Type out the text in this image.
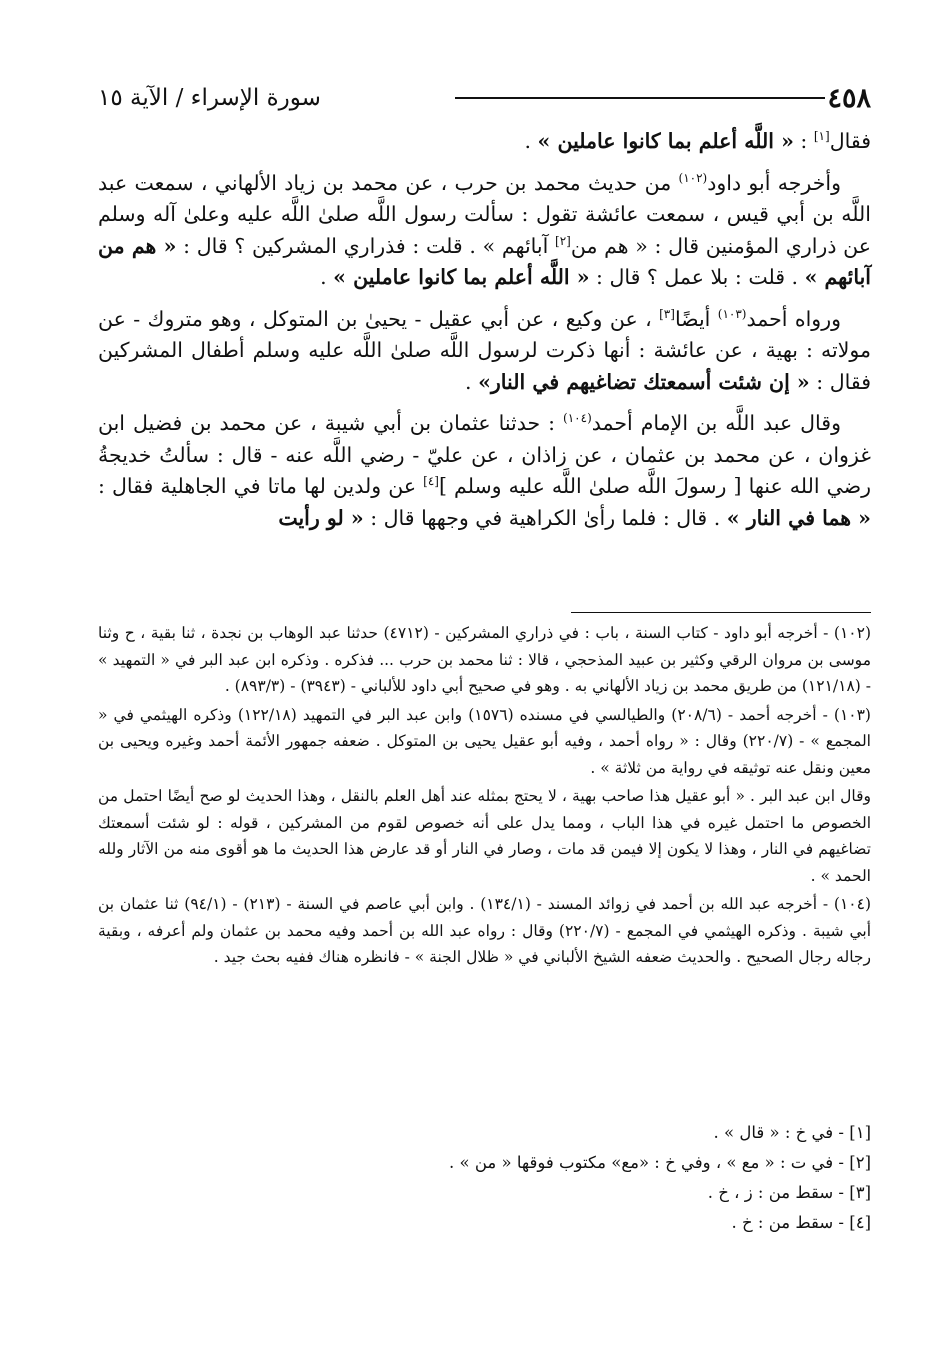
٤٥٨
سورة الإسراء / الآية ١٥

فقال[١] : « اللَّه أعلم بما كانوا عاملين » .

وأخرجه أبو داود$^{(١٠٢)}$ من حديث محمد بن حرب ، عن محمد بن زياد الألهاني ، سمعت عبد اللَّه بن أبي قيس ، سمعت عائشة تقول : سألت رسول اللَّه صلىٰ اللَّه عليه وعلىٰ آله وسلم عن ذراري المؤمنين قال : « هم من[٢] آبائهم » . قلت : فذراري المشركين ؟ قال : « هم من آبائهم » . قلت : بلا عمل ؟ قال : « اللَّه أعلم بما كانوا عاملين » .

ورواه أحمد$^{(١٠٣)}$ أيضًا[٣] ، عن وكيع ، عن أبي عقيل - يحيىٰ بن المتوكل ، وهو متروك - عن مولاته : بهية ، عن عائشة : أنها ذكرت لرسول اللَّه صلىٰ اللَّه عليه وسلم أطفال المشركين فقال : « إن شئت أسمعتك تضاغيهم في النار» .

وقال عبد اللَّه بن الإمام أحمد$^{(١٠٤)}$ : حدثنا عثمان بن أبي شيبة ، عن محمد بن فضيل ابن غزوان ، عن محمد بن عثمان ، عن زاذان ، عن عليّ - رضي اللَّه عنه - قال : سألتُ خديجةُ رضي الله عنها [ رسولَ اللَّه صلىٰ اللَّه عليه وسلم ][٤] عن ولدين لها ماتا في الجاهلية فقال : « هما في النار » . قال : فلما رأىٰ الكراهية في وجهها قال : « لو رأيت

(١٠٢) - أخرجه أبو داود - كتاب السنة ، باب : في ذراري المشركين - (٤٧١٢) حدثنا عبد الوهاب بن نجدة ، ثنا بقية ، ح وثنا موسى بن مروان الرقي وكثير بن عبيد المذحجي ، قالا : ثنا محمد بن حرب ... فذكره . وذكره ابن عبد البر في « التمهيد » - (١٢١/١٨) من طريق محمد بن زياد الألهاني به . وهو في صحيح أبي داود للألباني - (٣٩٤٣) - (٨٩٣/٣) .

(١٠٣) - أخرجه أحمد - (٢٠٨/٦) والطيالسي في مسنده (١٥٧٦) وابن عبد البر في التمهيد (١٢٢/١٨) وذكره الهيثمي في « المجمع » - (٢٢٠/٧) وقال : « رواه أحمد ، وفيه أبو عقيل يحيى بن المتوكل . ضعفه جمهور الأئمة أحمد وغيره ويحيى بن معين ونقل عنه توثيقه في رواية من ثلاثة » .

وقال ابن عبد البر . « أبو عقيل هذا صاحب بهية ، لا يحتج بمثله عند أهل العلم بالنقل ، وهذا الحديث لو صح أيضًا احتمل من الخصوص ما احتمل غيره في هذا الباب ، ومما يدل على أنه خصوص لقوم من المشركين ، قوله : لو شئت أسمعتك تضاغيهم في النار ، وهذا لا يكون إلا فيمن قد مات ، وصار في النار أو قد عارض هذا الحديث ما هو أقوى منه من الآثار ولله الحمد » .

(١٠٤) - أخرجه عبد الله بن أحمد في زوائد المسند - (١٣٤/١) . وابن أبي عاصم في السنة - (٢١٣) - (٩٤/١) ثنا عثمان بن أبي شيبة . وذكره الهيثمي في المجمع - (٢٢٠/٧) وقال : رواه عبد الله بن أحمد وفيه محمد بن عثمان ولم أعرفه ، وبقية رجاله رجال الصحيح . والحديث ضعفه الشيخ الألباني في « ظلال الجنة » - فانظره هناك ففيه بحث جيد .

[١] - في خ : « قال » .

[٢] - في ت : « مع » ، وفي خ : «مع» مكتوب فوقها « من » .

[٣] - سقط من : ز ، خ .

[٤] - سقط من : خ .
